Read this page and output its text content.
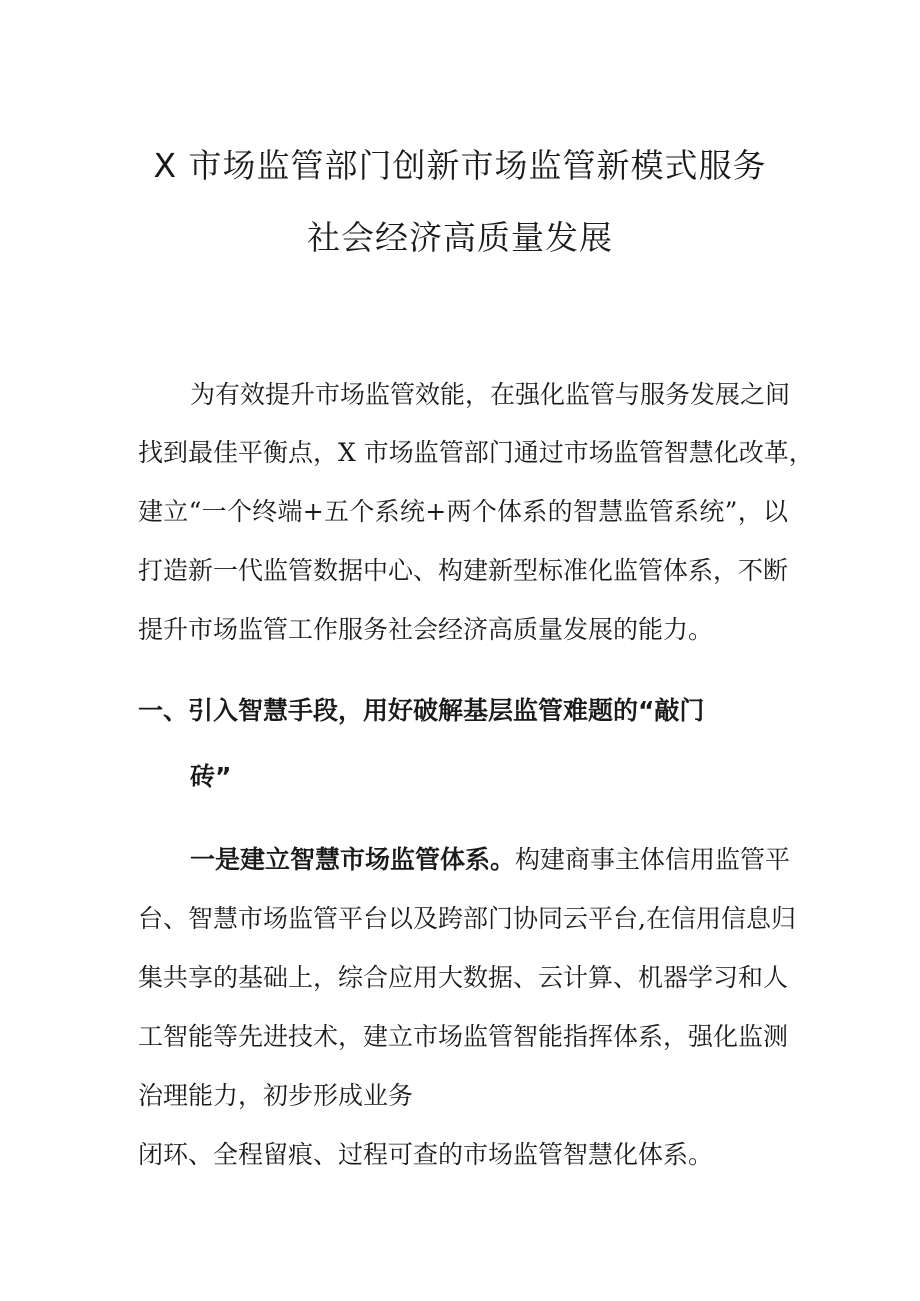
X 市场监管部门创新市场监管新模式服务
社会经济高质量发展
为有效提升市场监管效能，在强化监管与服务发展之间
找到最佳平衡点，X 市场监管部门通过市场监管智慧化改革，
建立“一个终端+五个系统+两个体系的智慧监管系统”，以
打造新一代监管数据中心、构建新型标准化监管体系，不断
提升市场监管工作服务社会经济高质量发展的能力。
一、引入智慧手段，用好破解基层监管难题的“敲门
砖”
一是建立智慧市场监管体系。构建商事主体信用监管平
台、智慧市场监管平台以及跨部门协同云平台,在信用信息归
集共享的基础上，综合应用大数据、云计算、机器学习和人
工智能等先进技术，建立市场监管智能指挥体系，强化监测
治理能力，初步形成业务
闭环、全程留痕、过程可查的市场监管智慧化体系。
